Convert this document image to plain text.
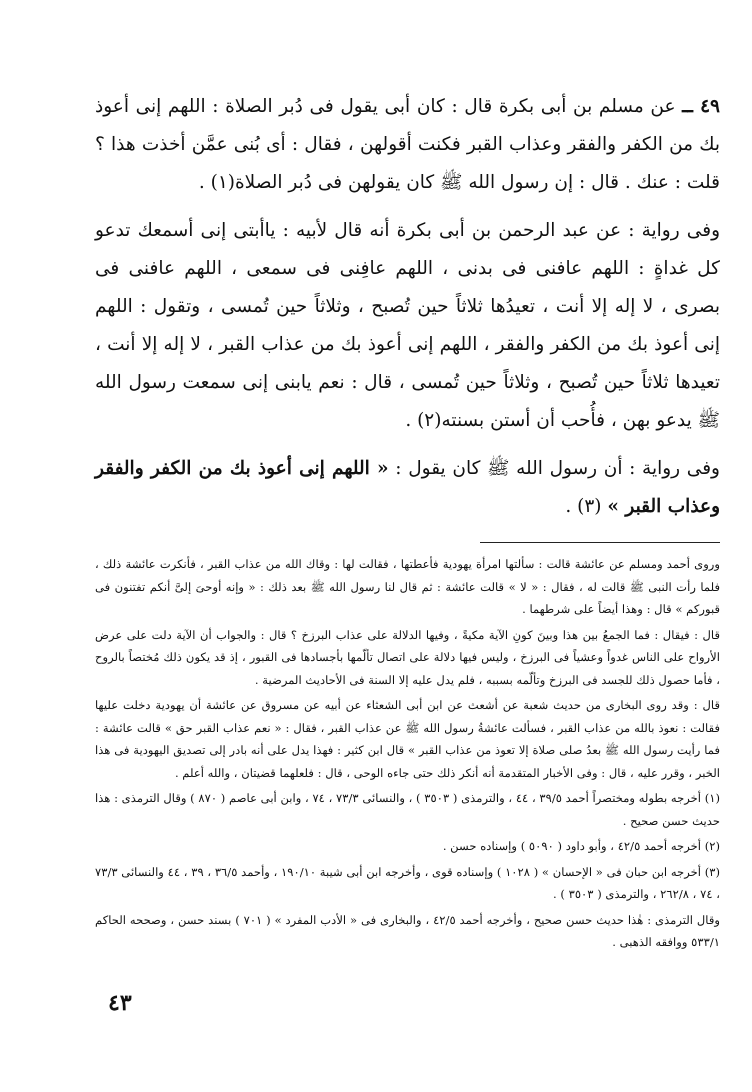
٤٩ ــ عن مسلم بن أبى بكرة قال : كان أبى يقول فى دُبر الصلاة : اللهم إنى أعوذ بك من الكفر والفقر وعذاب القبر فكنت أقولهن ، فقال : أى بُنى عمَّن أخذت هذا ؟ قلت : عنك . قال : إن رسول الله ﷺ كان يقولهن فى دُبر الصلاة(١) .

وفى رواية : عن عبد الرحمن بن أبى بكرة أنه قال لأبيه : ياأبتى إنى أسمعك تدعو كل غداةٍ : اللهم عافنى فى بدنى ، اللهم عافِنى فى سمعى ، اللهم عافنى فى بصرى ، لا إله إلا أنت ، تعيدُها ثلاثاً حين تُصبح ، وثلاثاً حين تُمسى ، وتقول : اللهم إنى أعوذ بك من الكفر والفقر ، اللهم إنى أعوذ بك من عذاب القبر ، لا إله إلا أنت ، تعيدها ثلاثاً حين تُصبح ، وثلاثاً حين تُمسى ، قال : نعم يابنى إنى سمعت رسول الله ﷺ يدعو بهن ، فأُحب أن أستن بسنته(٢) .

وفى رواية : أن رسول الله ﷺ كان يقول : « اللهم إنى أعوذ بك من الكفر والفقر وعذاب القبر » (٣) .

وروى أحمد ومسلم عن عائشة قالت : سألتها امرأة يهودية فأعطتها ، فقالت لها : وقاك الله من عذاب القبر ، فأنكرت عائشة ذلك ، فلما رأت النبى ﷺ قالت له ، فقال : « لا » قالت عائشة : ثم قال لنا رسول الله ﷺ بعد ذلك : « وإنه أوحىَ إلىَّ أنكم تفتنون فى قبوركم » قال : وهذا أيضاً على شرطهما .

قال : فيقال : فما الجمعُ بين هذا وبينَ كونِ الآية مكيةً ، وفيها الدلالة على عذاب البرزخ ؟ قال : والجواب أن الآية دلت على عرض الأرواح على الناس غدواً وعشياً فى البرزخ ، وليس فيها دلالة على اتصال تألّمها بأجسادها فى القبور ، إذ قد يكون ذلك مُختصاً بالروح ، فأما حصول ذلك للجسد فى البرزخ وتألّمه بسببه ، فلم يدل عليه إلا السنة فى الأحاديث المرضية .

قال : وقد روى البخارى من حديث شعبة عن أشعث عن ابن أبى الشعثاء عن أبيه عن مسروق عن عائشة أن يهودية دخلت عليها فقالت : نعوذ بالله من عذاب القبر ، فسألت عائشةُ رسول الله ﷺ عن عذاب القبر ، فقال : « نعم عذاب القبر حق » قالت عائشة : فما رأيت رسول الله ﷺ بعدُ صلى صلاة إلا تعوذ من عذاب القبر » قال ابن كثير : فهذا يدل على أنه بادر إلى تصديق اليهودية فى هذا الخبر ، وقرر عليه ، قال : وفى الأخبار المتقدمة أنه أنكر ذلك حتى جاءه الوحى ، قال : فلعلهما قضيتان ، والله أعلم .

(١) أخرجه بطوله ومختصراً أحمد ٣٩/٥ ، ٤٤ ، والترمذى ( ٣٥٠٣ ) ، والنسائى ٧٣/٣ ، ٧٤ ، وابن أبى عاصم ( ٨٧٠ ) وقال الترمذى : هذا حديث حسن صحيح .

(٢) أخرجه أحمد ٤٢/٥ ، وأبو داود ( ٥٠٩٠ ) وإسناده حسن .

(٣) أخرجه ابن حبان فى « الإحسان » ( ١٠٢٨ ) وإسناده قوى ، وأخرجه ابن أبى شيبة ١٩٠/١٠ ، وأحمد ٣٦/٥ ، ٣٩ ، ٤٤ والنسائى ٧٣/٣ ، ٧٤ ، ٢٦٢/٨ ، والترمذى ( ٣٥٠٣ ) .

وقال الترمذى : هٰذا حديث حسن صحيح ، وأخرجه أحمد ٤٢/٥ ، والبخارى فى « الأدب المفرد » ( ٧٠١ ) بسند حسن ، وصححه الحاكم ٥٣٣/١ ووافقه الذهبى .

٤٣
